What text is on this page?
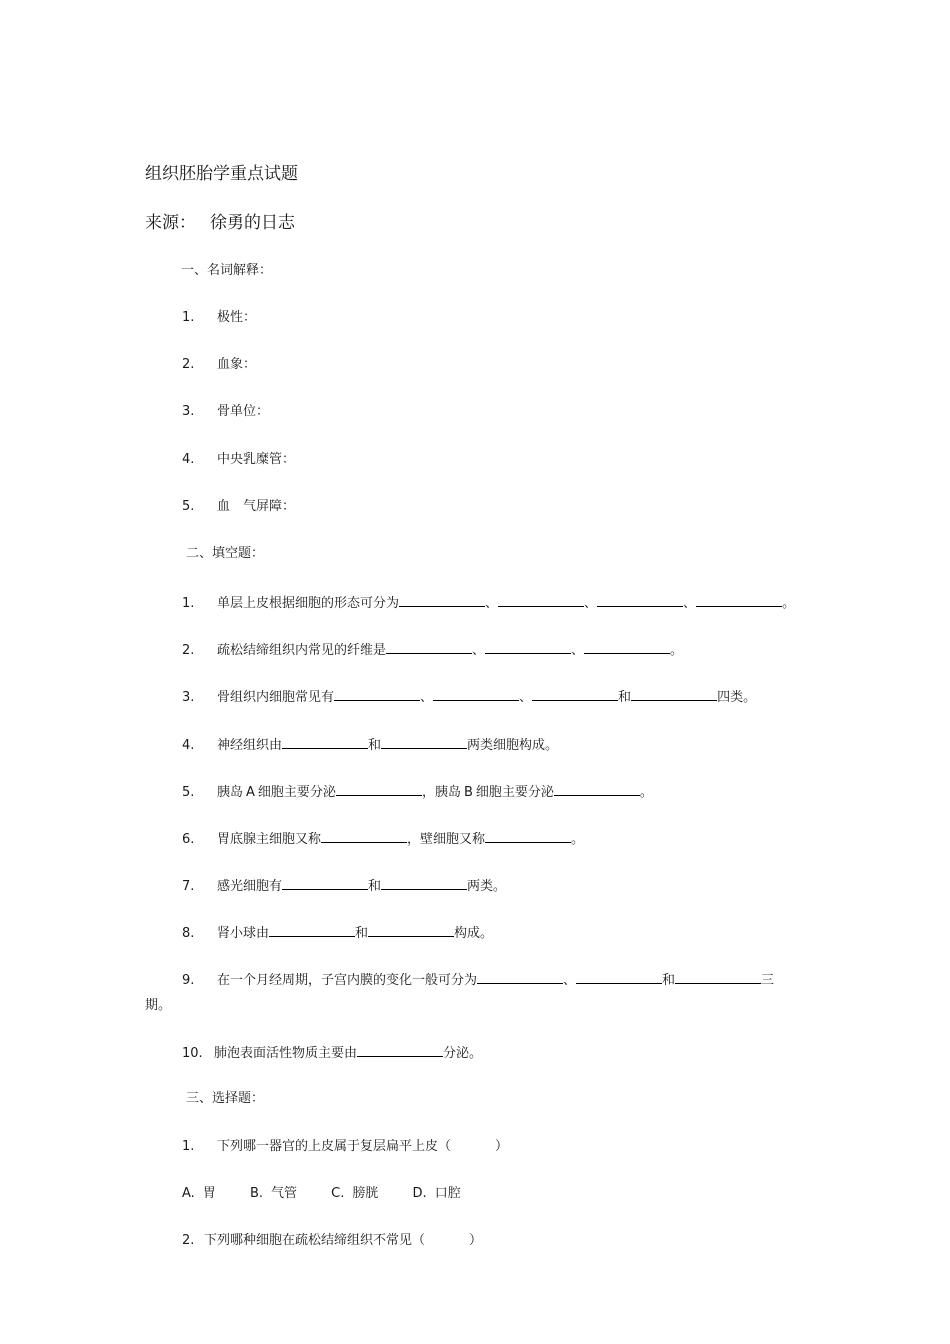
组织胚胎学重点试题
来源： 徐勇的日志
一、名词解释：
1. 极性：
2. 血象：
3. 骨单位：
4. 中央乳糜管：
5. 血　气屏障：
二、填空题：
1. 单层上皮根据细胞的形态可分为	、	、	、	。
2. 疏松结缔组织内常见的纤维是	、	、	。
3. 骨组织内细胞常见有	、	、	和	四类。
4. 神经组织由	和	两类细胞构成。
5. 胰岛 A 细胞主要分泌	，胰岛 B 细胞主要分泌	。
6. 胃底腺主细胞又称	，壁细胞又称	。
7. 感光细胞有	和	两类。
8. 肾小球由	和	构成。
9. 在一个月经周期，子宫内膜的变化一般可分为	、	和	三
期。
10. 肺泡表面活性物质主要由	分泌。
三、选择题：
1. 下列哪一器官的上皮属于复层扁平上皮（	）
A. 胃	B. 气管	C. 膀胱	D. 口腔
2. 下列哪种细胞在疏松结缔组织不常见（	）
